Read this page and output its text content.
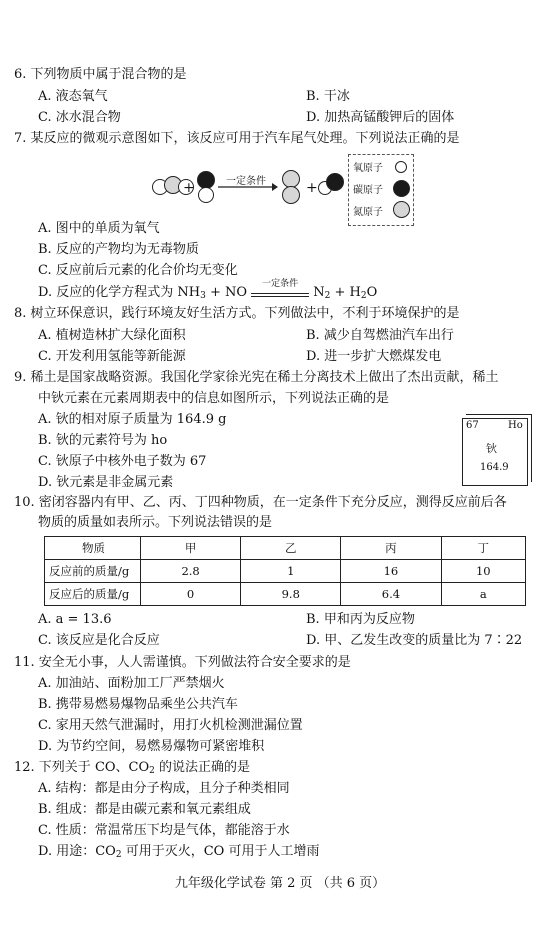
6. 下列物质中属于混合物的是
A. 液态氧气	B. 干冰
C. 冰水混合物	D. 加热高锰酸钾后的固体
7. 某反应的微观示意图如下，该反应可用于汽车尾气处理。下列说法正确的是
+	一定条件	+
氧原子
碳原子
氮原子
A. 图中的单质为氧气
B. 反应的产物均为无毒物质
C. 反应前后元素的化合价均无变化
D. 反应的化学方程式为 $NH_3$ + NO
一定条件
$N_2 + H_2O$
8. 树立环保意识，践行环境友好生活方式。下列做法中，不利于环境保护的是
A. 植树造林扩大绿化面积	B. 减少自驾燃油汽车出行
C. 开发利用氢能等新能源	D. 进一步扩大燃煤发电
9. 稀土是国家战略资源。我国化学家徐光宪在稀土分离技术上做出了杰出贡献，稀土
中钬元素在元素周期表中的信息如图所示，下列说法正确的是
A. 钬的相对原子质量为 164.9 g
B. 钬的元素符号为 ho
C. 钬原子中核外电子数为 67
D. 钬元素是非金属元素
67	Ho
钬
164.9
10. 密闭容器内有甲、乙、丙、丁四种物质，在一定条件下充分反应，测得反应前后各
物质的质量如表所示。下列说法错误的是
物质	甲	乙	丙	丁
反应前的质量/g	2.8	1	16	10
反应后的质量/g	0	9.8	6.4	a
A. a = 13.6	B. 甲和丙为反应物
C. 该反应是化合反应	D. 甲、乙发生改变的质量比为 7∶22
11. 安全无小事，人人需谨慎。下列做法符合安全要求的是
A. 加油站、面粉加工厂严禁烟火
B. 携带易燃易爆物品乘坐公共汽车
C. 家用天然气泄漏时，用打火机检测泄漏位置
D. 为节约空间，易燃易爆物可紧密堆积
12. 下列关于 CO、$CO_2$ 的说法正确的是
A. 结构：都是由分子构成，且分子种类相同
B. 组成：都是由碳元素和氧元素组成
C. 性质：常温常压下均是气体，都能溶于水
D. 用途：$CO_2$ 可用于灭火，CO 可用于人工增雨
九年级化学试卷 第 2 页 （共 6 页）
